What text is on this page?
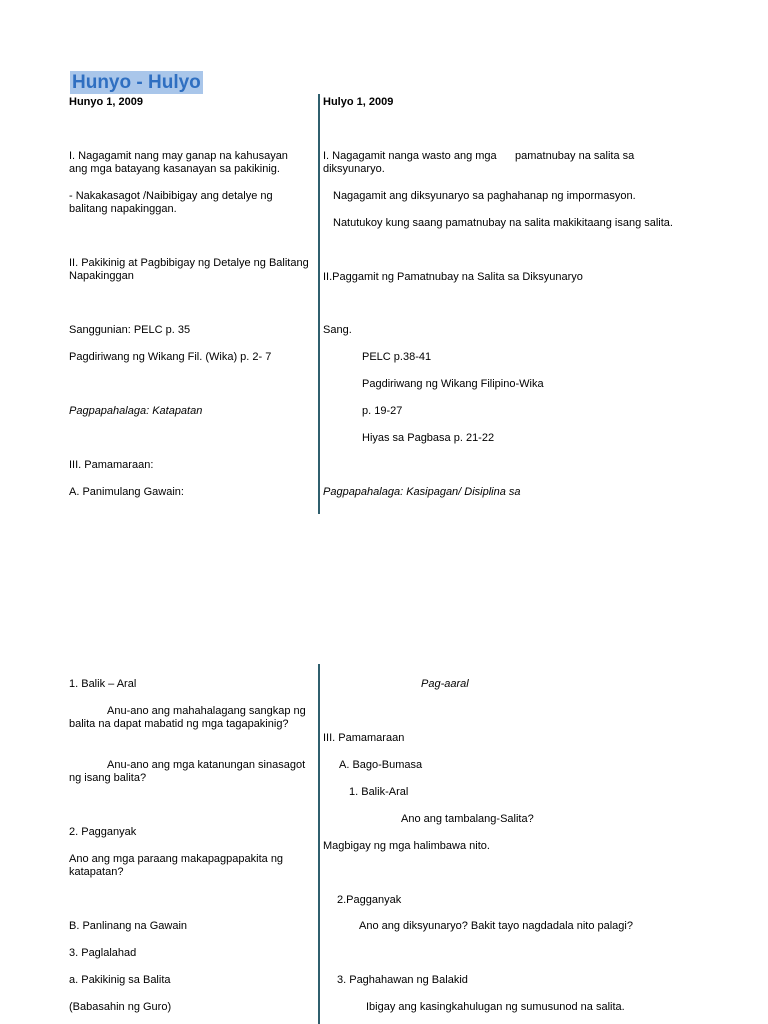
Hunyo - Hulyo
Hunyo 1, 2009
I. Nagagamit nang may ganap na kahusayan ang mga batayang kasanayan sa pakikinig.
- Nakakasagot /Naibibigay ang detalye ng balitang napakinggan.
II. Pakikinig at Pagbibigay ng Detalye ng Balitang Napakinggan
Sanggunian: PELC p. 35
Pagdiriwang ng Wikang Fil. (Wika) p. 2- 7
Pagpapahalaga: Katapatan
III. Pamamaraan:
A. Panimulang Gawain:
Hulyo 1, 2009
I. Nagagamit nanga wasto ang mga      pamatnubay na salita sa diksyunaryo.
Nagagamit ang diksyunaryo sa paghahanap ng impormasyon.
Natutukoy kung saang pamatnubay na salita makikitaang isang salita.
II.Paggamit ng Pamatnubay na Salita sa Diksyunaryo
Sang.
PELC p.38-41
Pagdiriwang ng Wikang Filipino-Wika
p. 19-27
Hiyas sa Pagbasa p. 21-22
Pagpapahalaga: Kasipagan/ Disiplina sa
1. Balik – Aral
Anu-ano ang mahahalagang sangkap ng balita na dapat mabatid ng mga tagapakinig?
Anu-ano ang mga katanungan sinasagot ng isang balita?
2. Pagganyak
Ano ang mga paraang makapagpapakita ng katapatan?
B. Panlinang na Gawain
3. Paglalahad
a. Pakikinig sa Balita
(Babasahin ng Guro)
Pag-aaral
III. Pamamaraan
A. Bago-Bumasa
1. Balik-Aral
Ano ang tambalang-Salita?
Magbigay ng mga halimbawa nito.
2.Pagganyak
Ano ang diksyunaryo? Bakit tayo nagdadala nito palagi?
3. Paghahawan ng Balakid
Ibigay ang kasingkahulugan ng sumusunod na salita.
